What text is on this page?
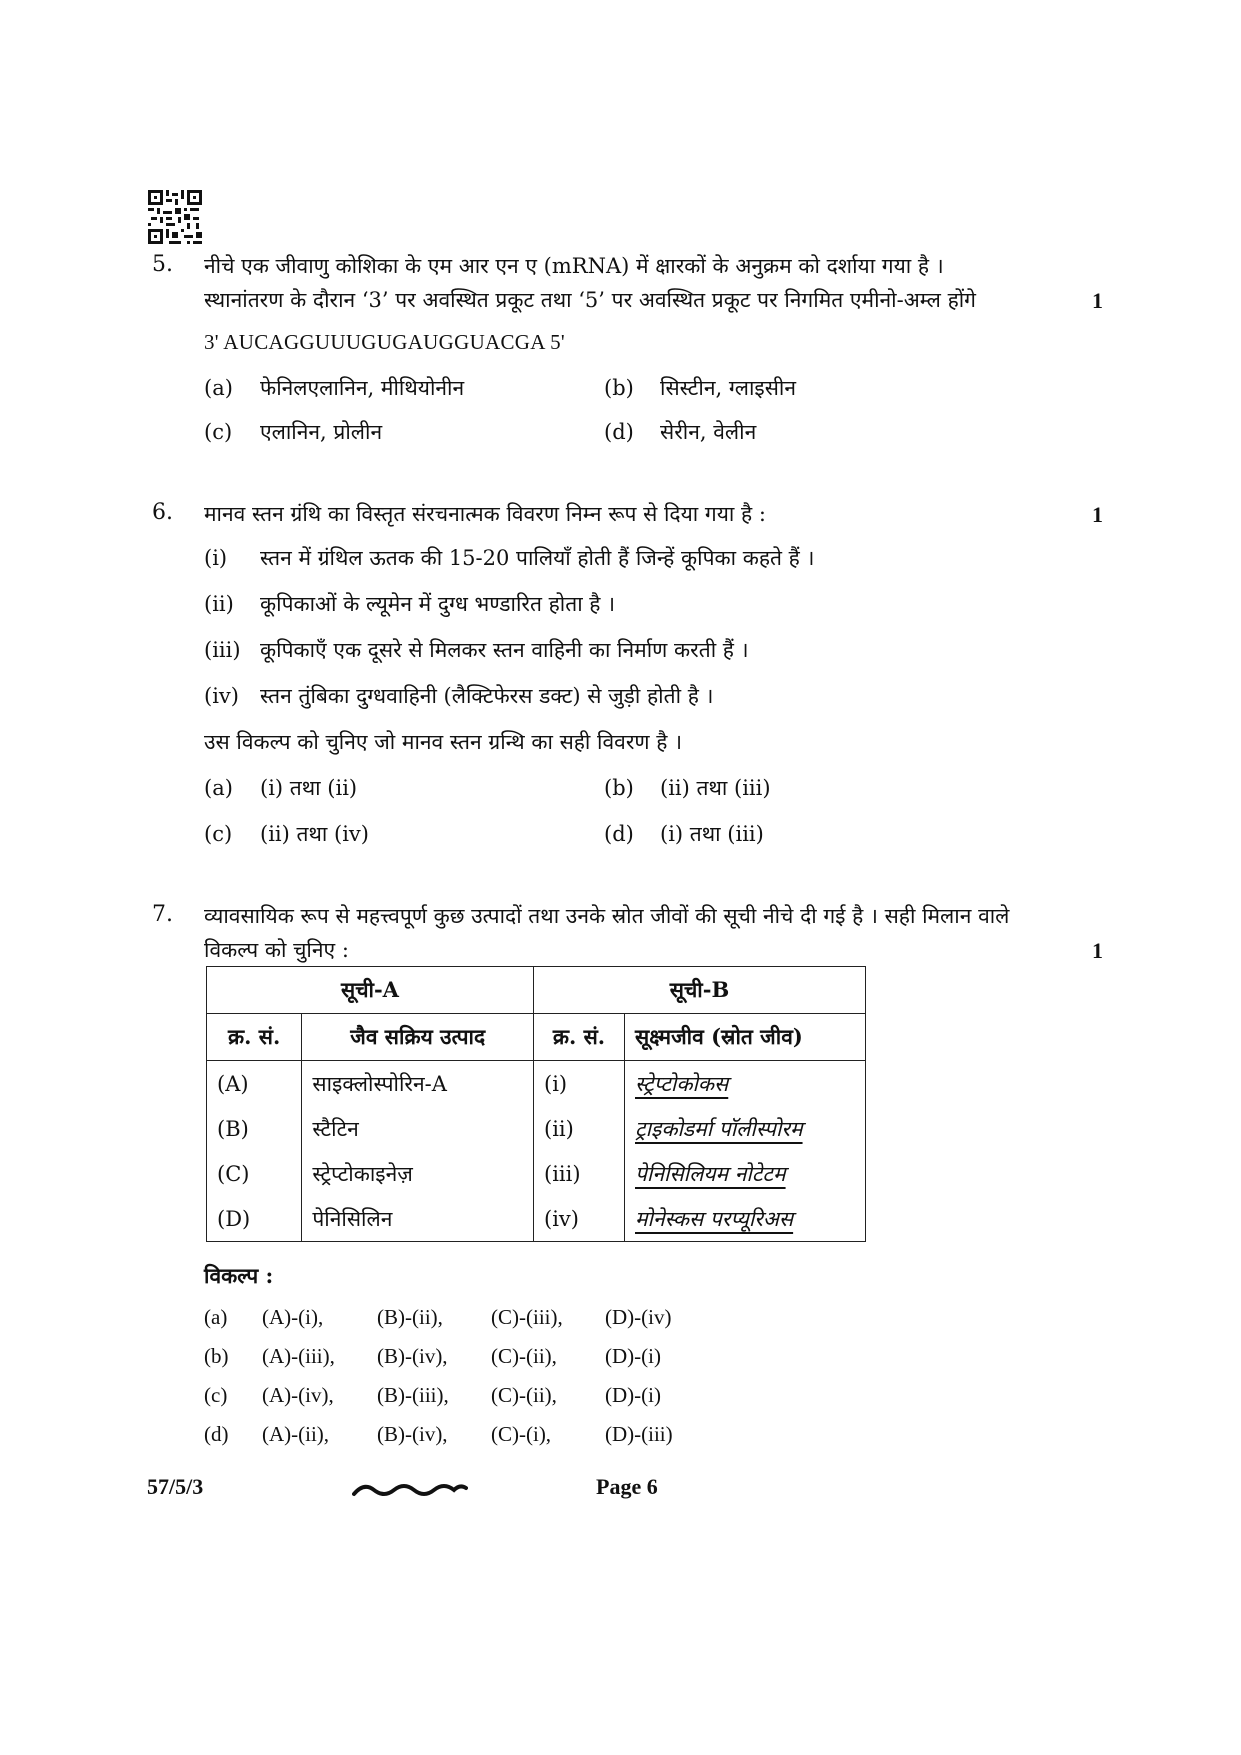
5. नीचे एक जीवाणु कोशिका के एम आर एन ए (mRNA) में क्षारकों के अनुक्रम को दर्शाया गया है ।
स्थानांतरण के दौरान ‘3’ पर अवस्थित प्रकूट तथा ‘5’ पर अवस्थित प्रकूट पर निगमित एमीनो-अम्ल होंगे	1
3' AUCAGGUUUGUGAUGGUACGA 5'
(a) फेनिलएलानिन, मीथियोनीन	(b) सिस्टीन, ग्लाइसीन
(c) एलानिन, प्रोलीन	(d) सेरीन, वेलीन
6. मानव स्तन ग्रंथि का विस्तृत संरचनात्मक विवरण निम्न रूप से दिया गया है :	1
(i) स्तन में ग्रंथिल ऊतक की 15-20 पालियाँ होती हैं जिन्हें कूपिका कहते हैं ।
(ii) कूपिकाओं के ल्यूमेन में दुग्ध भण्डारित होता है ।
(iii) कूपिकाएँ एक दूसरे से मिलकर स्तन वाहिनी का निर्माण करती हैं ।
(iv) स्तन तुंबिका दुग्धवाहिनी (लैक्टिफेरस डक्ट) से जुड़ी होती है ।
उस विकल्प को चुनिए जो मानव स्तन ग्रन्थि का सही विवरण है ।
(a) (i) तथा (ii)	(b) (ii) तथा (iii)
(c) (ii) तथा (iv)	(d) (i) तथा (iii)
7. व्यावसायिक रूप से महत्त्वपूर्ण कुछ उत्पादों तथा उनके स्रोत जीवों की सूची नीचे दी गई है । सही मिलान वाले
विकल्प को चुनिए :	1
सूची-A		सूची-B	
क्र. सं.	जैव सक्रिय उत्पाद	क्र. सं.	सूक्ष्मजीव (स्रोत जीव)
(A)	साइक्लोस्पोरिन-A	(i)	स्ट्रेप्टोकोकस
(B)	स्टैटिन	(ii)	ट्राइकोडर्मा पॉलीस्पोरम
(C)	स्ट्रेप्टोकाइनेज़	(iii)	पेनिसिलियम नोटेटम
(D)	पेनिसिलिन	(iv)	मोनेस्कस परप्यूरिअस
विकल्प :
(a) (A)-(i),	(B)-(ii), (C)-(iii), (D)-(iv)
(b) (A)-(iii), (B)-(iv), (C)-(ii), (D)-(i)
(c) (A)-(iv), (B)-(iii), (C)-(ii), (D)-(i)
(d) (A)-(ii), (B)-(iv), (C)-(i),	(D)-(iii)
57/5/3	Page 6
